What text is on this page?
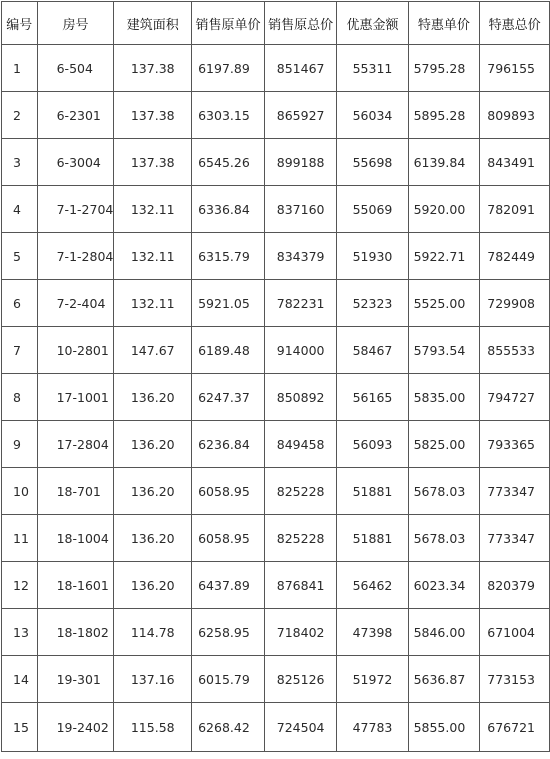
编号	房号	建筑面积	销售原单价	销售原总价	优惠金额	特惠单价	特惠总价
1	6-504	137.38	6197.89	851467	55311	5795.28	796155
2	6-2301	137.38	6303.15	865927	56034	5895.28	809893
3	6-3004	137.38	6545.26	899188	55698	6139.84	843491
4	7-1-2704	132.11	6336.84	837160	55069	5920.00	782091
5	7-1-2804	132.11	6315.79	834379	51930	5922.71	782449
6	7-2-404	132.11	5921.05	782231	52323	5525.00	729908
7	10-2801	147.67	6189.48	914000	58467	5793.54	855533
8	17-1001	136.20	6247.37	850892	56165	5835.00	794727
9	17-2804	136.20	6236.84	849458	56093	5825.00	793365
10	18-701	136.20	6058.95	825228	51881	5678.03	773347
11	18-1004	136.20	6058.95	825228	51881	5678.03	773347
12	18-1601	136.20	6437.89	876841	56462	6023.34	820379
13	18-1802	114.78	6258.95	718402	47398	5846.00	671004
14	19-301	137.16	6015.79	825126	51972	5636.87	773153
15	19-2402	115.58	6268.42	724504	47783	5855.00	676721
